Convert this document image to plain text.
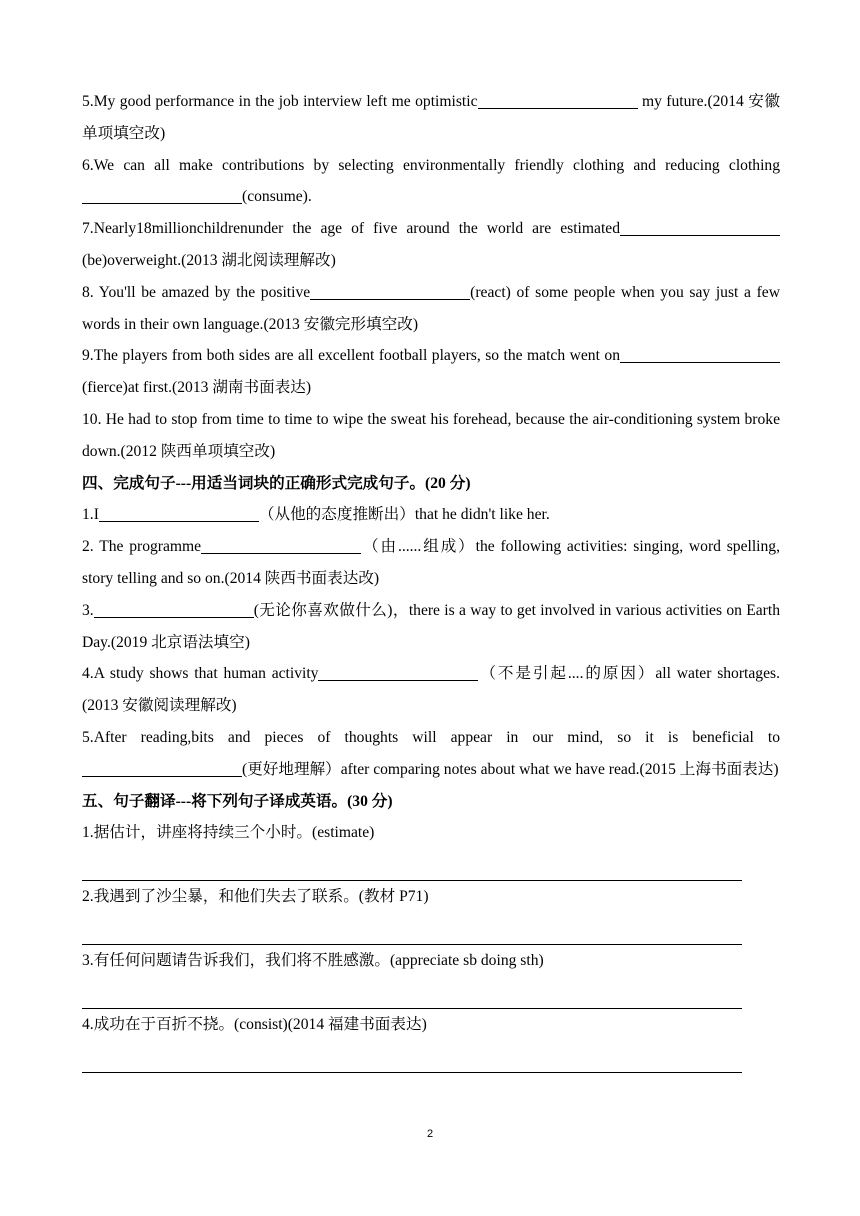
5.My good performance in the job interview left me optimistic	my future.(2014 安徽单项填空改)

6.We can all make contributions by selecting environmentally friendly clothing and reducing clothing(consume).

7.Nearly18millionchildrenunder the age of five around the world are estimated(be)overweight.(2013 湖北阅读理解改)

8. You'll be amazed by the positive	(react) of some people when you say just a few words in their own language.(2013 安徽完形填空改)

9.The players from both sides are all excellent football players, so the match went on(fierce)at first.(2013 湖南书面表达)

10. He had to stop from time to time to wipe the sweat his forehead, because the air-conditioning system broke down.(2012 陕西单项填空改)

四、完成句子---用适当词块的正确形式完成句子。(20 分)

1.I	（从他的态度推断出）that he didn't like her.

2. The programme	（由......组成）the following activities: singing, word spelling, story telling and so on.(2014 陕西书面表达改)

3.	(无论你喜欢做什么)，there is a way to get involved in various activities on Earth Day.(2019 北京语法填空)

4.A study shows that human activity	（不是引起....的原因）all water shortages.(2013 安徽阅读理解改)

5.After reading,bits and pieces of thoughts will appear in our mind, so it is beneficial to(更好地理解）after comparing notes about what we have read.(2015 上海书面表达)

五、句子翻译---将下列句子译成英语。(30 分)

1.据估计，讲座将持续三个小时。(estimate)

2.我遇到了沙尘暴，和他们失去了联系。(教材 P71)

3.有任何问题请告诉我们，我们将不胜感激。(appreciate sb doing sth)

4.成功在于百折不挠。(consist)(2014 福建书面表达)

2
